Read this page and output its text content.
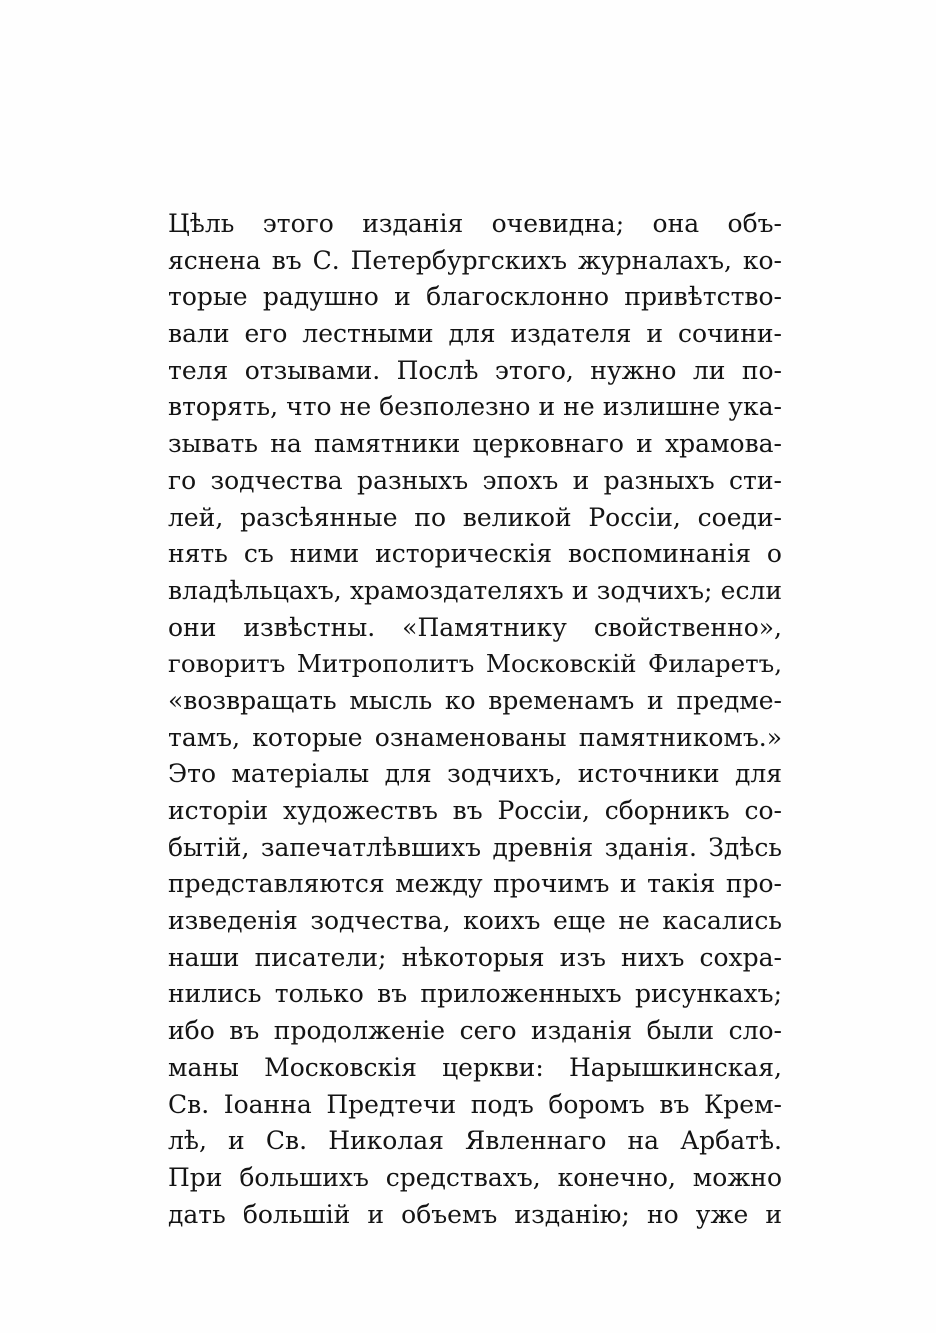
Цѣль этого изданія очевидна; она объ-
яснена въ С. Петербургскихъ журналахъ, ко-
торые радушно и благосклонно привѣтство-
вали его лестными для издателя и сочини-
теля отзывами. Послѣ этого, нужно ли по-
вторять, что не безполезно и не излишне ука-
зывать на памятники церковнаго и храмова-
го зодчества разныхъ эпохъ и разныхъ сти-
лей, разсѣянные по великой Россіи, соеди-
нять съ ними историческія воспоминанія о
владѣльцахъ, храмоздателяхъ и зодчихъ; если
они извѣстны. «Памятнику свойственно»,
говоритъ Митрополитъ Московскій Филаретъ,
«возвращать мысль ко временамъ и предме-
тамъ, которые ознаменованы памятникомъ.»
Это матеріалы для зодчихъ, источники для
исторіи художествъ въ Россіи, сборникъ со-
бытій, запечатлѣвшихъ древнія зданія. Здѣсь
представляются между прочимъ и такія про-
изведенія зодчества, коихъ еще не касались
наши писатели; нѣкоторыя изъ нихъ сохра-
нились только въ приложенныхъ рисункахъ;
ибо въ продолженіе сего изданія были сло-
маны Московскія церкви: Нарышкинская,
Св. Іоанна Предтечи подъ боромъ въ Крем-
лѣ, и Св. Николая Явленнаго на Арбатѣ.
При большихъ средствахъ, конечно, можно
дать большій и объемъ изданію; но уже и
